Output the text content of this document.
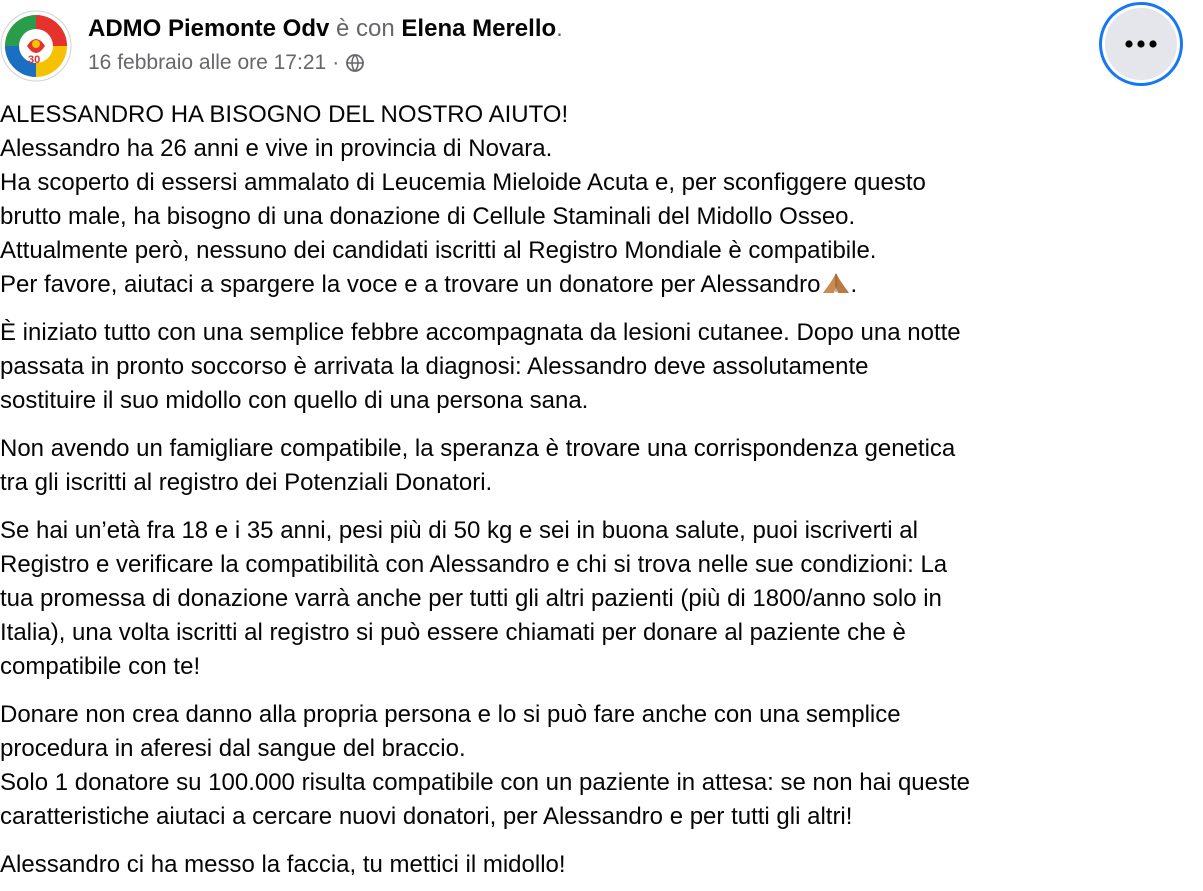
30
ADMO Piemonte Odv è con Elena Merello.
16 febbraio alle ore 17:21 ·

ALESSANDRO HA BISOGNO DEL NOSTRO AIUTO!
Alessandro ha 26 anni e vive in provincia di Novara.
Ha scoperto di essersi ammalato di Leucemia Mieloide Acuta e, per sconfiggere questo
brutto male, ha bisogno di una donazione di Cellule Staminali del Midollo Osseo.
Attualmente però, nessuno dei candidati iscritti al Registro Mondiale è compatibile.
Per favore, aiutaci a spargere la voce e a trovare un donatore per Alessandro .

È iniziato tutto con una semplice febbre accompagnata da lesioni cutanee. Dopo una notte
passata in pronto soccorso è arrivata la diagnosi: Alessandro deve assolutamente
sostituire il suo midollo con quello di una persona sana.

Non avendo un famigliare compatibile, la speranza è trovare una corrispondenza genetica
tra gli iscritti al registro dei Potenziali Donatori.

Se hai un’età fra 18 e i 35 anni, pesi più di 50 kg e sei in buona salute, puoi iscriverti al
Registro e verificare la compatibilità con Alessandro e chi si trova nelle sue condizioni: La
tua promessa di donazione varrà anche per tutti gli altri pazienti (più di 1800/anno solo in
Italia), una volta iscritti al registro si può essere chiamati per donare al paziente che è
compatibile con te!

Donare non crea danno alla propria persona e lo si può fare anche con una semplice
procedura in aferesi dal sangue del braccio.
Solo 1 donatore su 100.000 risulta compatibile con un paziente in attesa: se non hai queste
caratteristiche aiutaci a cercare nuovi donatori, per Alessandro e per tutti gli altri!

Alessandro ci ha messo la faccia, tu mettici il midollo!
